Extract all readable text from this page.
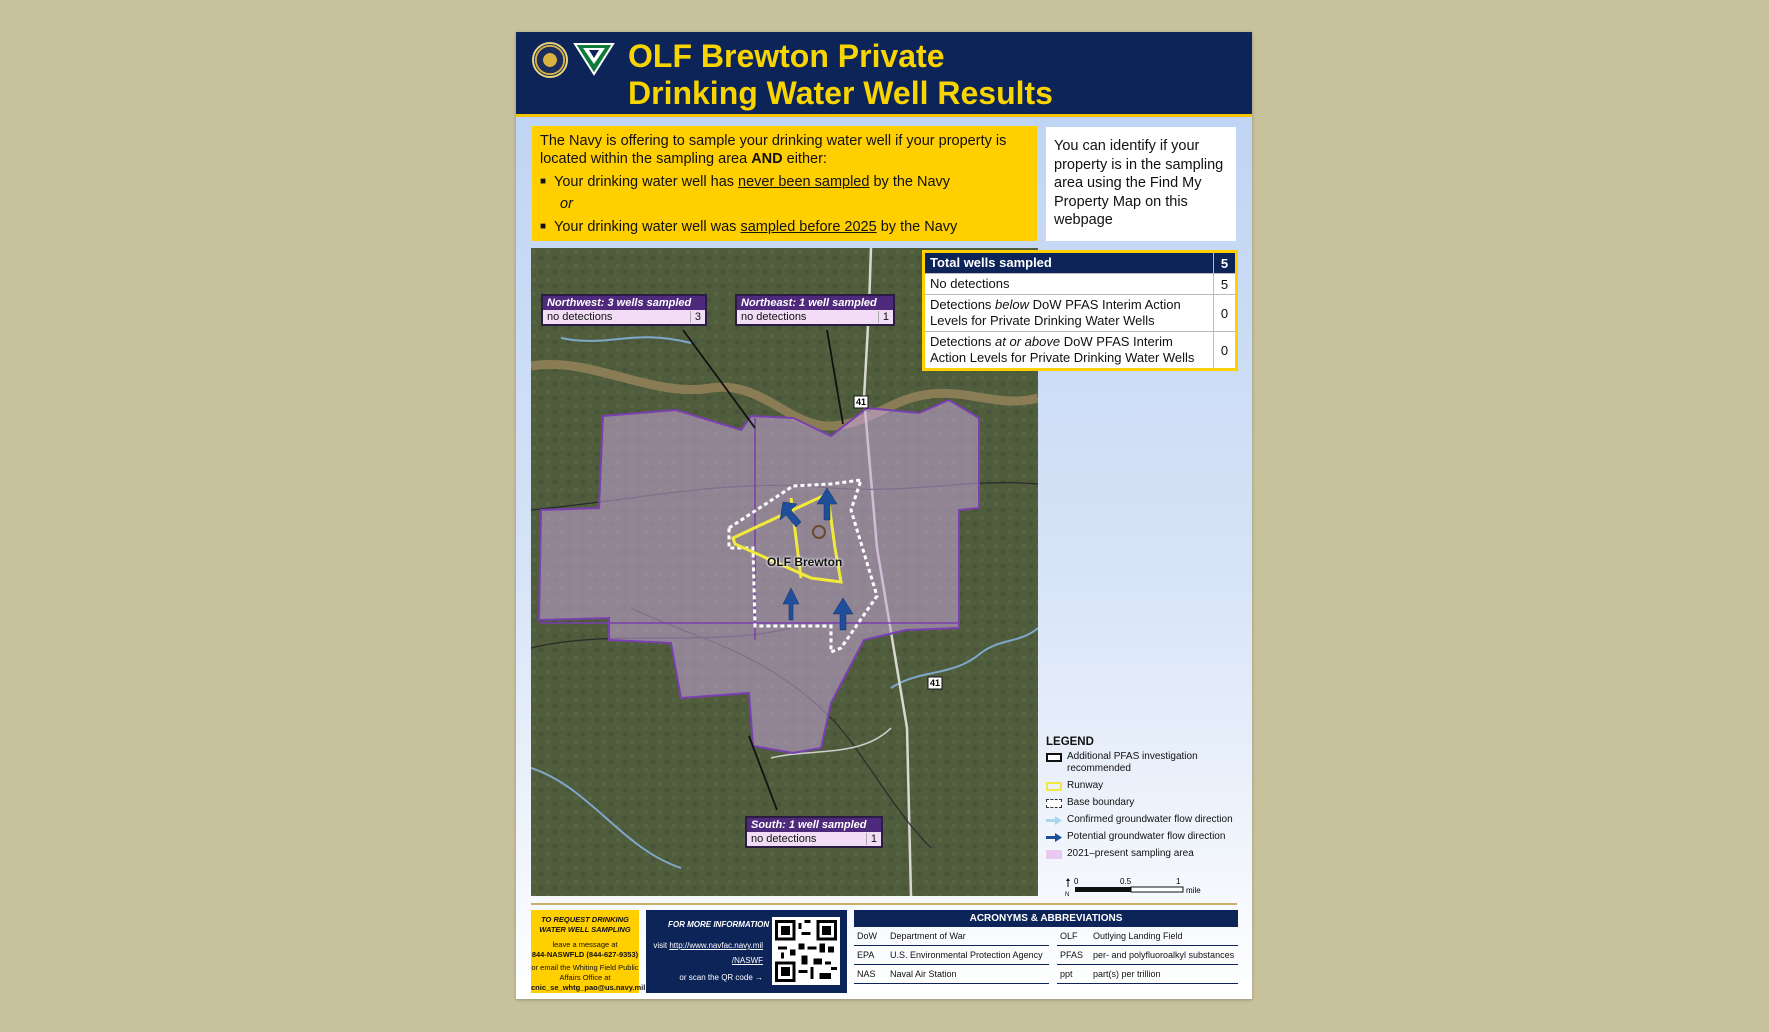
OLF Brewton Private
Drinking Water Well Results
The Navy is offering to sample your drinking water well if your property is located within the sampling area AND either:
■ Your drinking water well has never been sampled by the Navy
or
■ Your drinking water well was sampled before 2025 by the Navy
You can identify if your property is in the sampling area using the Find My Property Map on this webpage
41
41
OLF Brewton
Northwest: 3 wells sampled
no detections	3
Northeast: 1 well sampled
no detections	1
South: 1 well sampled
no detections	1
Total wells sampled	5
No detections	5
Detections below DoW PFAS Interim Action Levels for Private Drinking Water Wells	0
Detections at or above DoW PFAS Interim Action Levels for Private Drinking Water Wells	0
LEGEND
Additional PFAS investigation recommended
Runway
Base boundary
Confirmed groundwater flow direction
Potential groundwater flow direction
2021–present sampling area
N
0	0.5	1
mile
TO REQUEST DRINKING WATER WELL SAMPLING
leave a message at
844-NASWFLD (844-627-9353)
or email the Whiting Field Public Affairs Office at
cnic_se_whtg_pao@us.navy.mil
FOR MORE INFORMATION
visit http://www.navfac.navy.mil
/NASWF
or scan the QR code →
ACRONYMS & ABBREVIATIONS
DoW	Department of War
EPA	U.S. Environmental Protection Agency
NAS	Naval Air Station
OLF	Outlying Landing Field
PFAS	per- and polyfluoroalkyl substances
ppt	part(s) per trillion
